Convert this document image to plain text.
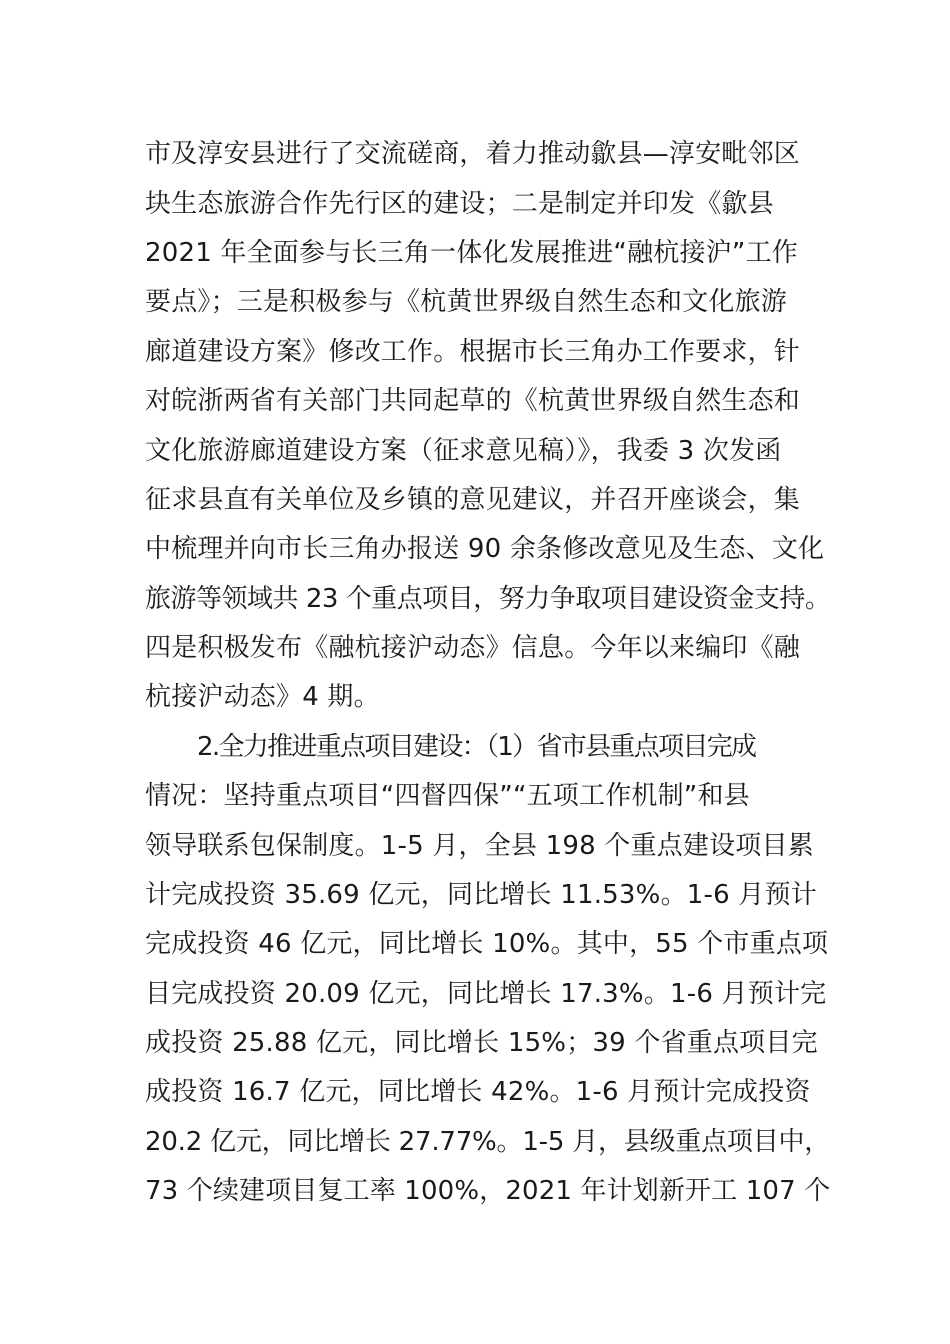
市及淳安县进行了交流磋商，着力推动歙县—淳安毗邻区
块生态旅游合作先行区的建设；二是制定并印发《歙县
2021 年全面参与长三角一体化发展推进“融杭接沪”工作
要点》；三是积极参与《杭黄世界级自然生态和文化旅游
廊道建设方案》修改工作。根据市长三角办工作要求，针
对皖浙两省有关部门共同起草的《杭黄世界级自然生态和
文化旅游廊道建设方案（征求意见稿）》，我委 3 次发函
征求县直有关单位及乡镇的意见建议，并召开座谈会，集
中梳理并向市长三角办报送 90 余条修改意见及生态、文化
旅游等领域共 23 个重点项目，努力争取项目建设资金支持。
四是积极发布《融杭接沪动态》信息。今年以来编印《融
杭接沪动态》4 期。
2.全力推进重点项目建设：（1）省市县重点项目完成
情况：坚持重点项目“四督四保”“五项工作机制”和县
领导联系包保制度。1-5 月，全县 198 个重点建设项目累
计完成投资 35.69 亿元，同比增长 11.53%。1-6 月预计
完成投资 46 亿元，同比增长 10%。其中，55 个市重点项
目完成投资 20.09 亿元，同比增长 17.3%。1-6 月预计完
成投资 25.88 亿元，同比增长 15%；39 个省重点项目完
成投资 16.7 亿元，同比增长 42%。1-6 月预计完成投资
20.2 亿元，同比增长 27.77%。1-5 月，县级重点项目中，
73 个续建项目复工率 100%，2021 年计划新开工 107 个
